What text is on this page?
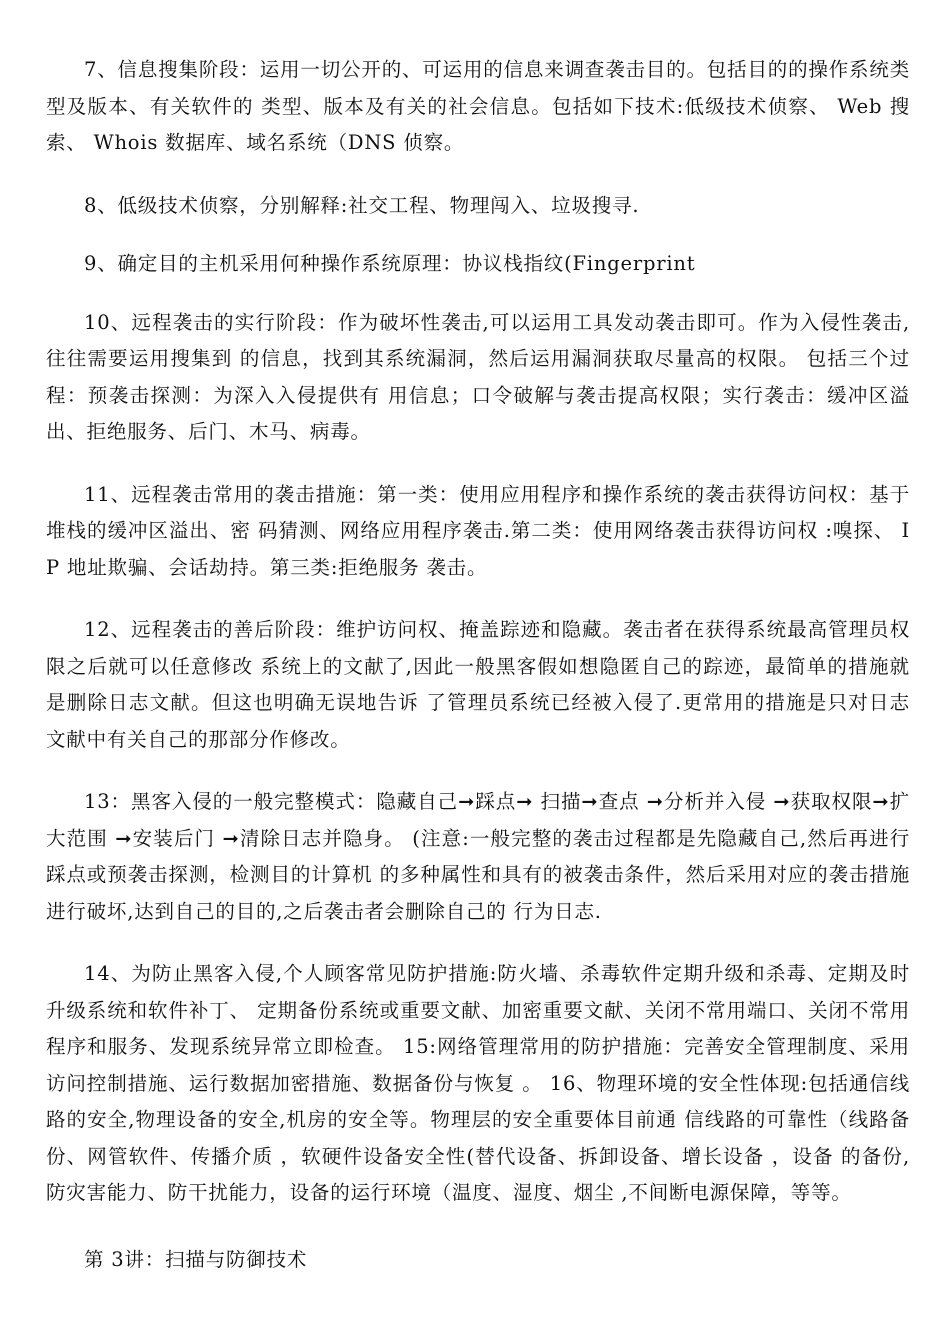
7、信息搜集阶段：运用一切公开的、可运用的信息来调查袭击目的。包括目的的操作系统类型及版本、有关软件的 类型、版本及有关的社会信息。包括如下技术:低级技术侦察、 Web 搜索、 Whois 数据库、域名系统（DNS 侦察。

8、低级技术侦察，分别解释:社交工程、物理闯入、垃圾搜寻.

9、确定目的主机采用何种操作系统原理：协议栈指纹(Fingerprint

10、远程袭击的实行阶段：作为破坏性袭击,可以运用工具发动袭击即可。作为入侵性袭击,往往需要运用搜集到 的信息，找到其系统漏洞，然后运用漏洞获取尽量高的权限。 包括三个过程：预袭击探测：为深入入侵提供有 用信息；口令破解与袭击提高权限；实行袭击：缓冲区溢出、拒绝服务、后门、木马、病毒。

11、远程袭击常用的袭击措施：第一类：使用应用程序和操作系统的袭击获得访问权：基于堆栈的缓冲区溢出、密 码猜测、网络应用程序袭击.第二类：使用网络袭击获得访问权 :嗅探、 IP 地址欺骗、会话劫持。第三类:拒绝服务 袭击。

12、远程袭击的善后阶段：维护访问权、掩盖踪迹和隐藏。袭击者在获得系统最高管理员权限之后就可以任意修改 系统上的文献了,因此一般黑客假如想隐匿自己的踪迹，最简单的措施就是删除日志文献。但这也明确无误地告诉 了管理员系统已经被入侵了.更常用的措施是只对日志文献中有关自己的那部分作修改。

13：黑客入侵的一般完整模式：隐藏自己➞踩点➞ 扫描➞查点 ➞分析并入侵 ➞获取权限➞扩大范围 ➞安装后门 ➞清除日志并隐身。 (注意:一般完整的袭击过程都是先隐藏自己,然后再进行踩点或预袭击探测，检测目的计算机 的多种属性和具有的被袭击条件，然后采用对应的袭击措施进行破坏,达到自己的目的,之后袭击者会删除自己的 行为日志.

14、为防止黑客入侵,个人顾客常见防护措施:防火墙、杀毒软件定期升级和杀毒、定期及时升级系统和软件补丁、 定期备份系统或重要文献、加密重要文献、关闭不常用端口、关闭不常用程序和服务、发现系统异常立即检查。 15:网络管理常用的防护措施：完善安全管理制度、采用访问控制措施、运行数据加密措施、数据备份与恢复 。 16、物理环境的安全性体现:包括通信线路的安全,物理设备的安全,机房的安全等。物理层的安全重要体目前通 信线路的可靠性（线路备份、网管软件、传播介质 ，软硬件设备安全性(替代设备、拆卸设备、增长设备 ，设备 的备份,防灾害能力、防干扰能力，设备的运行环境（温度、湿度、烟尘 ,不间断电源保障，等等。

第 3讲：扫描与防御技术
